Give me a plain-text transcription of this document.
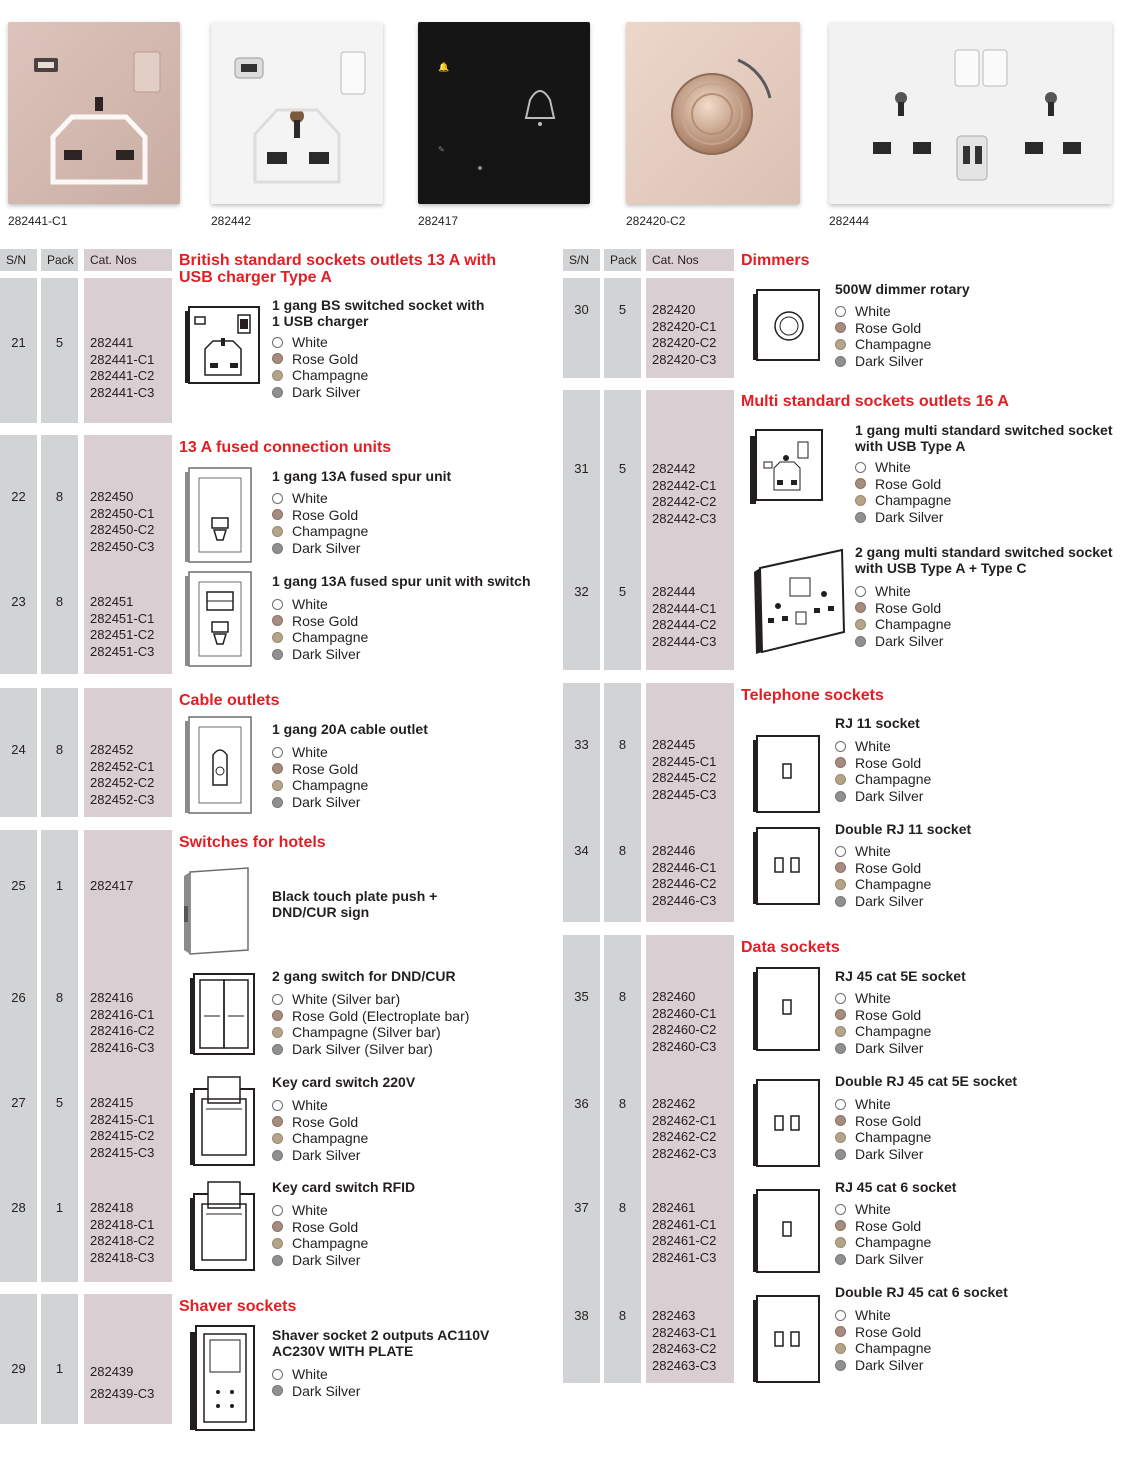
282441-C1	282442
🔔
✎
282417	282420-C2	282444
S/N	Pack	Cat. Nos	British standard sockets outlets 13 A with
USB charger Type A
13 A fused connection units
Cable outlets
Switches for hotels
Shaver sockets
21	5	282441
282441-C1
282441-C2
282441-C3
1 gang BS switched socket with
1 USB charger
White
Rose Gold
Champagne
Dark Silver
22	8	282450
282450-C1
282450-C2
282450-C3
1 gang 13A fused spur unit
White
Rose Gold
Champagne
Dark Silver
23	8	282451
282451-C1
282451-C2
282451-C3
1 gang 13A fused spur unit with switch
White
Rose Gold
Champagne
Dark Silver
24	8	282452
282452-C1
282452-C2
282452-C3
1 gang 20A cable outlet
White
Rose Gold
Champagne
Dark Silver
25	1	282417
Black touch plate push +
DND/CUR sign
26	8	282416
282416-C1
282416-C2
282416-C3
2 gang switch for DND/CUR
White (Silver bar)
Rose Gold (Electroplate bar)
Champagne (Silver bar)
Dark Silver (Silver bar)
27	5	282415
282415-C1
282415-C2
282415-C3
Key card switch 220V
White
Rose Gold
Champagne
Dark Silver
28	1	282418
282418-C1
282418-C2
282418-C3
Key card switch RFID
White
Rose Gold
Champagne
Dark Silver
29	1	282439
282439-C3
Shaver socket 2 outputs AC110V
AC230V WITH PLATE
White
Dark Silver
S/N	Pack	Cat. Nos	Dimmers
Multi standard sockets outlets 16 A
Telephone sockets
Data sockets
30	5	282420
282420-C1
282420-C2
282420-C3
500W dimmer rotary
White
Rose Gold
Champagne
Dark Silver
31	5	282442
282442-C1
282442-C2
282442-C3
1 gang multi standard switched socket
with USB Type A
White
Rose Gold
Champagne
Dark Silver
32	5	282444
282444-C1
282444-C2
282444-C3
2 gang multi standard switched socket
with USB Type A + Type C
White
Rose Gold
Champagne
Dark Silver
33	8	282445
282445-C1
282445-C2
282445-C3
RJ 11 socket
White
Rose Gold
Champagne
Dark Silver
34	8	282446
282446-C1
282446-C2
282446-C3
Double RJ 11 socket
White
Rose Gold
Champagne
Dark Silver
35	8	282460
282460-C1
282460-C2
282460-C3
RJ 45 cat 5E socket
White
Rose Gold
Champagne
Dark Silver
36	8	282462
282462-C1
282462-C2
282462-C3
Double RJ 45 cat 5E socket
White
Rose Gold
Champagne
Dark Silver
37	8	282461
282461-C1
282461-C2
282461-C3
RJ 45 cat 6 socket
White
Rose Gold
Champagne
Dark Silver
38	8	282463
282463-C1
282463-C2
282463-C3
Double RJ 45 cat 6 socket
White
Rose Gold
Champagne
Dark Silver
